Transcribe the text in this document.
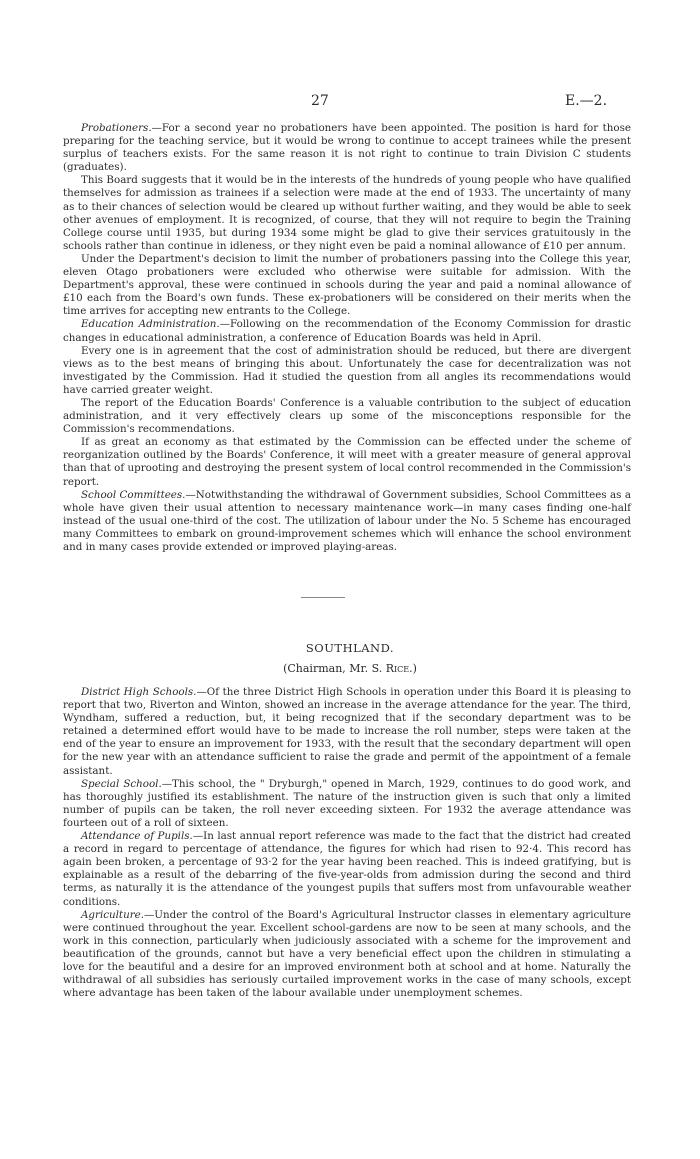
27	E.—2.

Probationers.—For a second year no probationers have been appointed. The position is hard for those preparing for the teaching service, but it would be wrong to continue to accept trainees while the present surplus of teachers exists. For the same reason it is not right to continue to train Division C students (graduates).

This Board suggests that it would be in the interests of the hundreds of young people who have qualified themselves for admission as trainees if a selection were made at the end of 1933. The uncertainty of many as to their chances of selection would be cleared up without further waiting, and they would be able to seek other avenues of employment. It is recognized, of course, that they will not require to begin the Training College course until 1935, but during 1934 some might be glad to give their services gratuitously in the schools rather than continue in idleness, or they night even be paid a nominal allowance of £10 per annum.

Under the Department's decision to limit the number of probationers passing into the College this year, eleven Otago probationers were excluded who otherwise were suitable for admission. With the Department's approval, these were continued in schools during the year and paid a nominal allowance of £10 each from the Board's own funds. These ex-probationers will be considered on their merits when the time arrives for accepting new entrants to the College.

Education Administration.—Following on the recommendation of the Economy Commission for drastic changes in educational administration, a conference of Education Boards was held in April.

Every one is in agreement that the cost of administration should be reduced, but there are divergent views as to the best means of bringing this about. Unfortunately the case for decentralization was not investigated by the Commission. Had it studied the question from all angles its recommendations would have carried greater weight.

The report of the Education Boards' Conference is a valuable contribution to the subject of education administration, and it very effectively clears up some of the misconceptions responsible for the Commission's recommendations.

If as great an economy as that estimated by the Commission can be effected under the scheme of reorganization outlined by the Boards' Conference, it will meet with a greater measure of general approval than that of uprooting and destroying the present system of local control recommended in the Commission's report.

School Committees.—Notwithstanding the withdrawal of Government subsidies, School Committees as a whole have given their usual attention to necessary maintenance work—in many cases finding one-half instead of the usual one-third of the cost. The utilization of labour under the No. 5 Scheme has encouraged many Committees to embark on ground-improvement schemes which will enhance the school environment and in many cases provide extended or improved playing-areas.

SOUTHLAND.
(Chairman, Mr. S. Rice.)

District High Schools.—Of the three District High Schools in operation under this Board it is pleasing to report that two, Riverton and Winton, showed an increase in the average attendance for the year. The third, Wyndham, suffered a reduction, but, it being recognized that if the secondary department was to be retained a determined effort would have to be made to increase the roll number, steps were taken at the end of the year to ensure an improvement for 1933, with the result that the secondary department will open for the new year with an attendance sufficient to raise the grade and permit of the appointment of a female assistant.

Special School.—This school, the " Dryburgh," opened in March, 1929, continues to do good work, and has thoroughly justified its establishment. The nature of the instruction given is such that only a limited number of pupils can be taken, the roll never exceeding sixteen. For 1932 the average attendance was fourteen out of a roll of sixteen.

Attendance of Pupils.—In last annual report reference was made to the fact that the district had created a record in regard to percentage of attendance, the figures for which had risen to 92·4. This record has again been broken, a percentage of 93·2 for the year having been reached. This is indeed gratifying, but is explainable as a result of the debarring of the five-year-olds from admission during the second and third terms, as naturally it is the attendance of the youngest pupils that suffers most from unfavourable weather conditions.

Agriculture.—Under the control of the Board's Agricultural Instructor classes in elementary agriculture were continued throughout the year. Excellent school-gardens are now to be seen at many schools, and the work in this connection, particularly when judiciously associated with a scheme for the improvement and beautification of the grounds, cannot but have a very beneficial effect upon the children in stimulating a love for the beautiful and a desire for an improved environment both at school and at home. Naturally the withdrawal of all subsidies has seriously curtailed improvement works in the case of many schools, except where advantage has been taken of the labour available under unemployment schemes.
